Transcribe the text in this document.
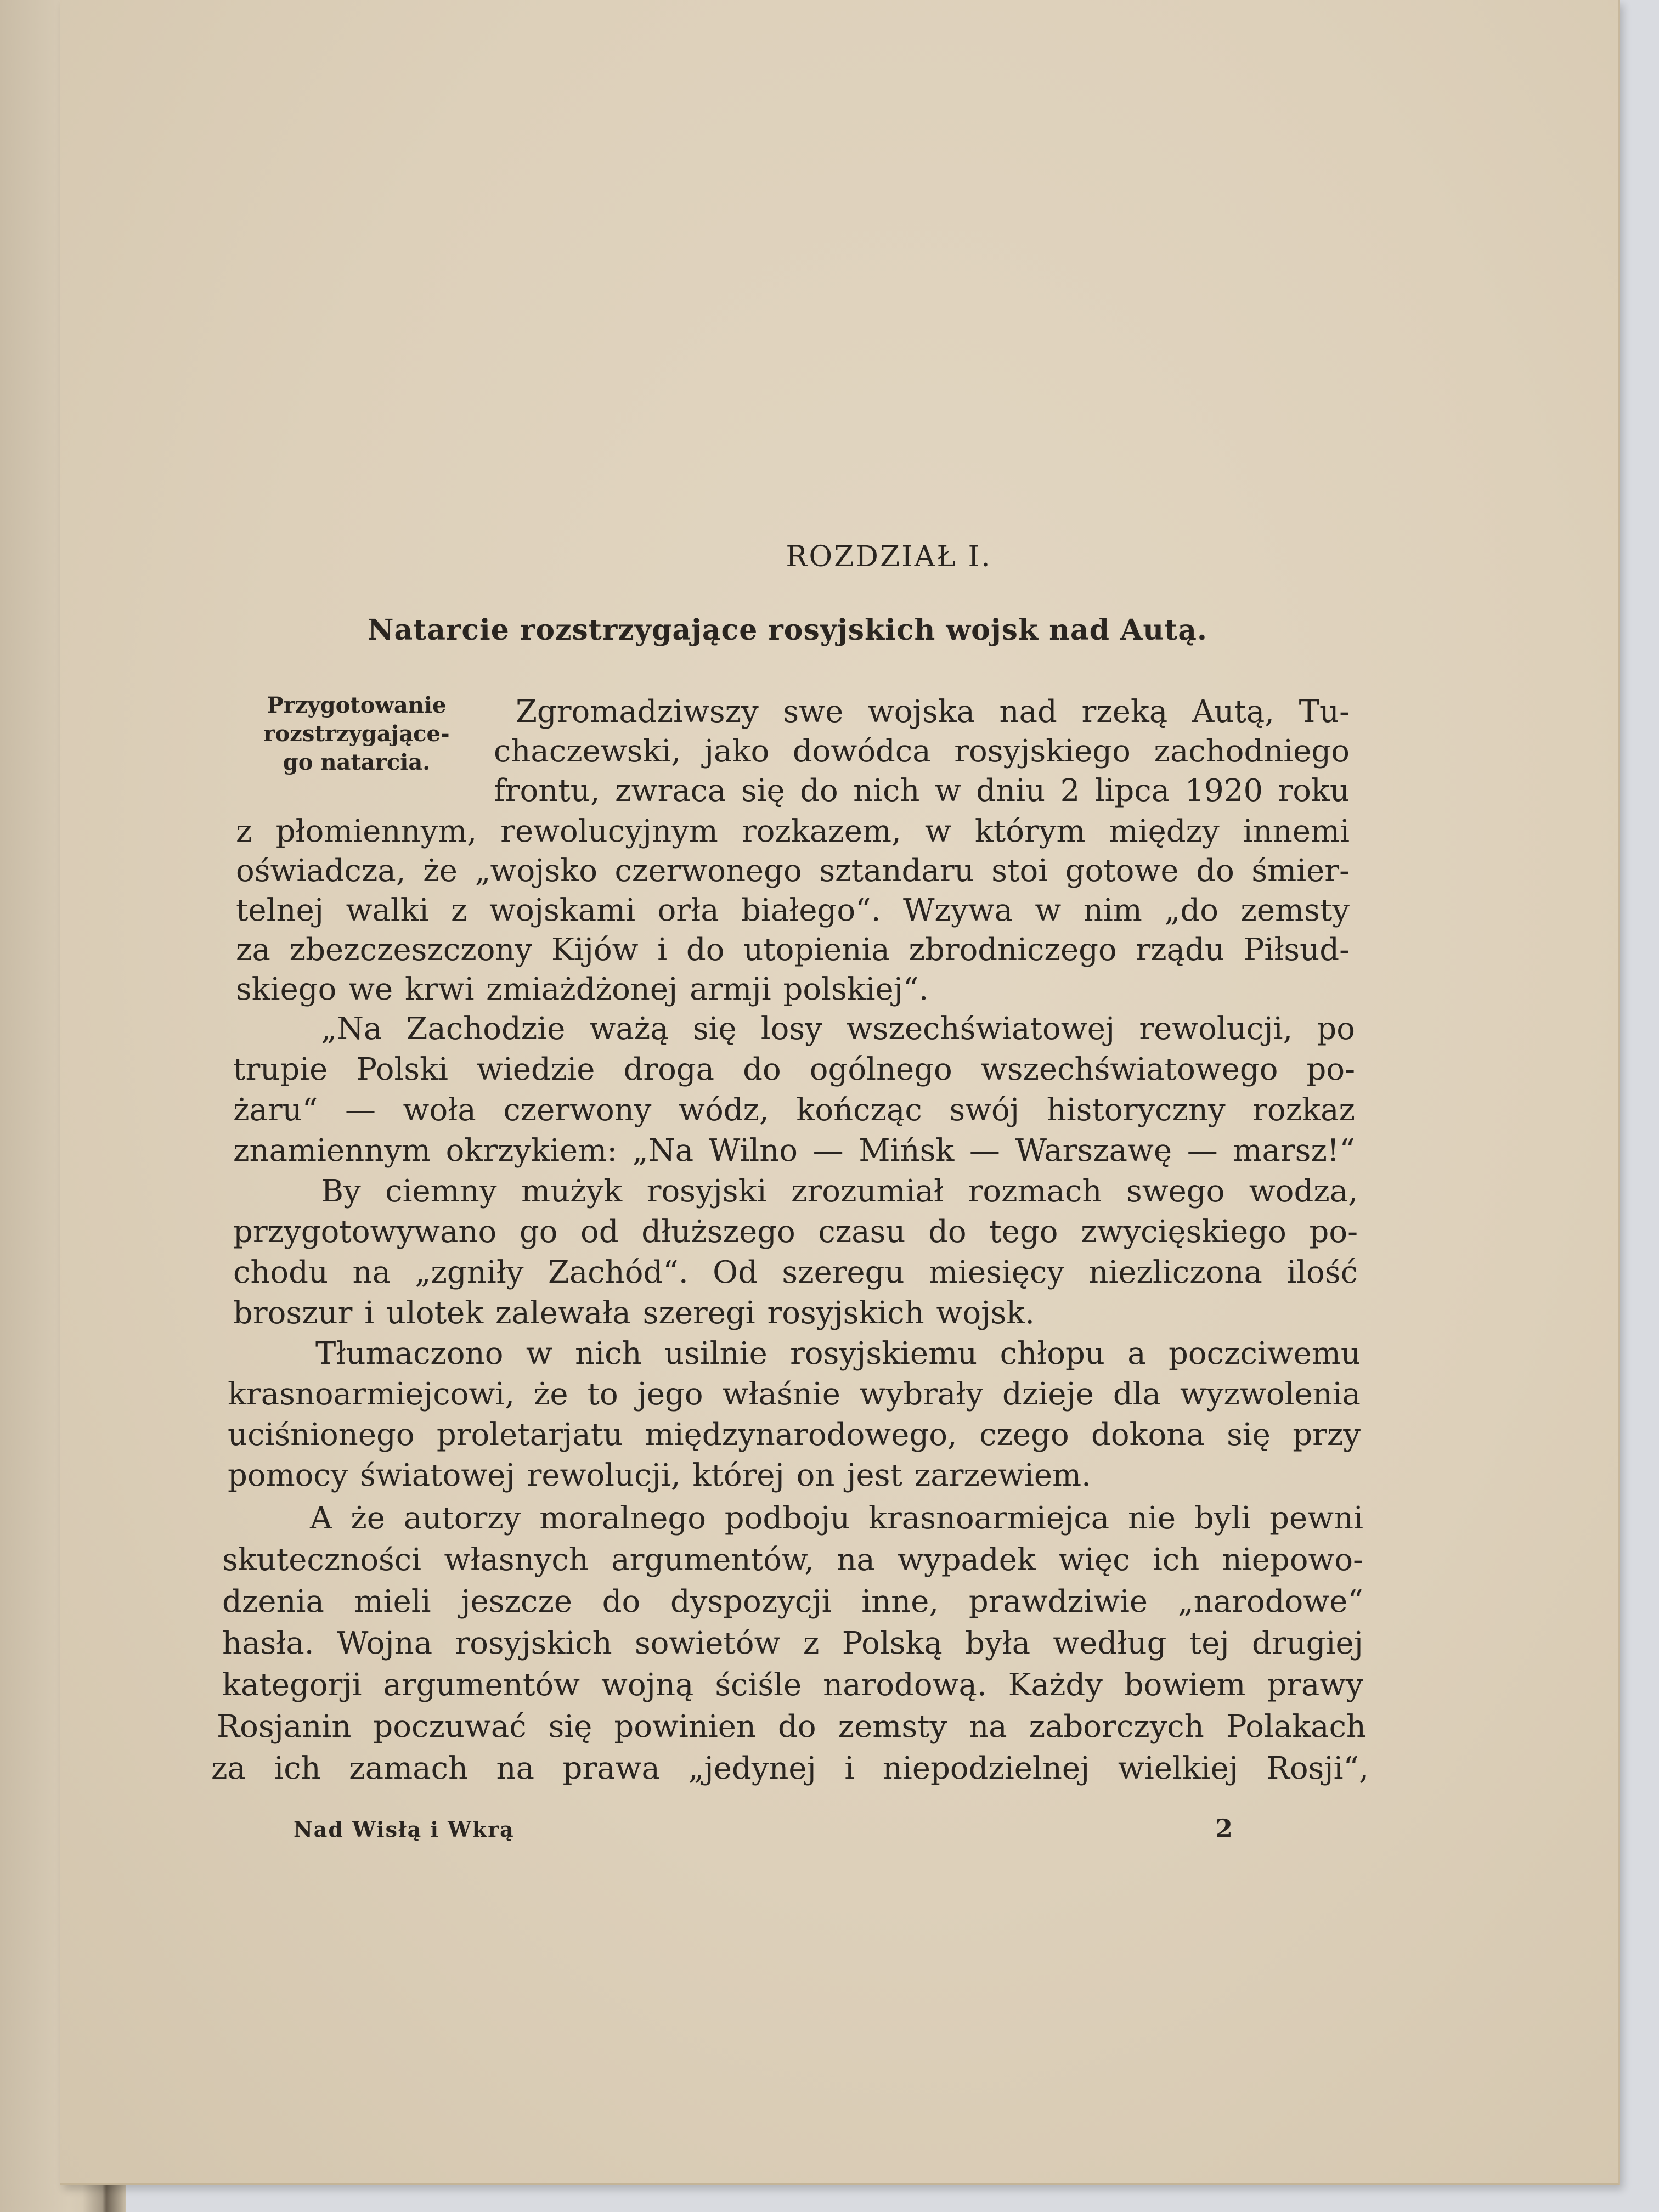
ROZDZIAŁ I.
Natarcie rozstrzygające rosyjskich wojsk nad Autą.
Przygotowanie
rozstrzygające-
go natarcia.
Zgromadziwszy swe wojska nad rzeką Autą, Tu-
chaczewski, jako dowódca rosyjskiego zachodniego
frontu, zwraca się do nich w dniu 2 lipca 1920 roku
z płomiennym, rewolucyjnym rozkazem, w którym między innemi
oświadcza, że „wojsko czerwonego sztandaru stoi gotowe do śmier-
telnej walki z wojskami orła białego“. Wzywa w nim „do zemsty
za zbezczeszczony Kijów i do utopienia zbrodniczego rządu Piłsud-
skiego we krwi zmiażdżonej armji polskiej“.
„Na Zachodzie ważą się losy wszechświatowej rewolucji, po
trupie Polski wiedzie droga do ogólnego wszechświatowego po-
żaru“ — woła czerwony wódz, kończąc swój historyczny rozkaz
znamiennym okrzykiem: „Na Wilno — Mińsk — Warszawę — marsz!“
By ciemny mużyk rosyjski zrozumiał rozmach swego wodza,
przygotowywano go od dłuższego czasu do tego zwycięskiego po-
chodu na „zgniły Zachód“. Od szeregu miesięcy niezliczona ilość
broszur i ulotek zalewała szeregi rosyjskich wojsk.
Tłumaczono w nich usilnie rosyjskiemu chłopu a poczciwemu
krasnoarmiejcowi, że to jego właśnie wybrały dzieje dla wyzwolenia
uciśnionego proletarjatu międzynarodowego, czego dokona się przy
pomocy światowej rewolucji, której on jest zarzewiem.
A że autorzy moralnego podboju krasnoarmiejca nie byli pewni
skuteczności własnych argumentów, na wypadek więc ich niepowo-
dzenia mieli jeszcze do dyspozycji inne, prawdziwie „narodowe“
hasła. Wojna rosyjskich sowietów z Polską była według tej drugiej
kategorji argumentów wojną ściśle narodową. Każdy bowiem prawy
Rosjanin poczuwać się powinien do zemsty na zaborczych Polakach
za ich zamach na prawa „jedynej i niepodzielnej wielkiej Rosji“,
Nad Wisłą i Wkrą	2
